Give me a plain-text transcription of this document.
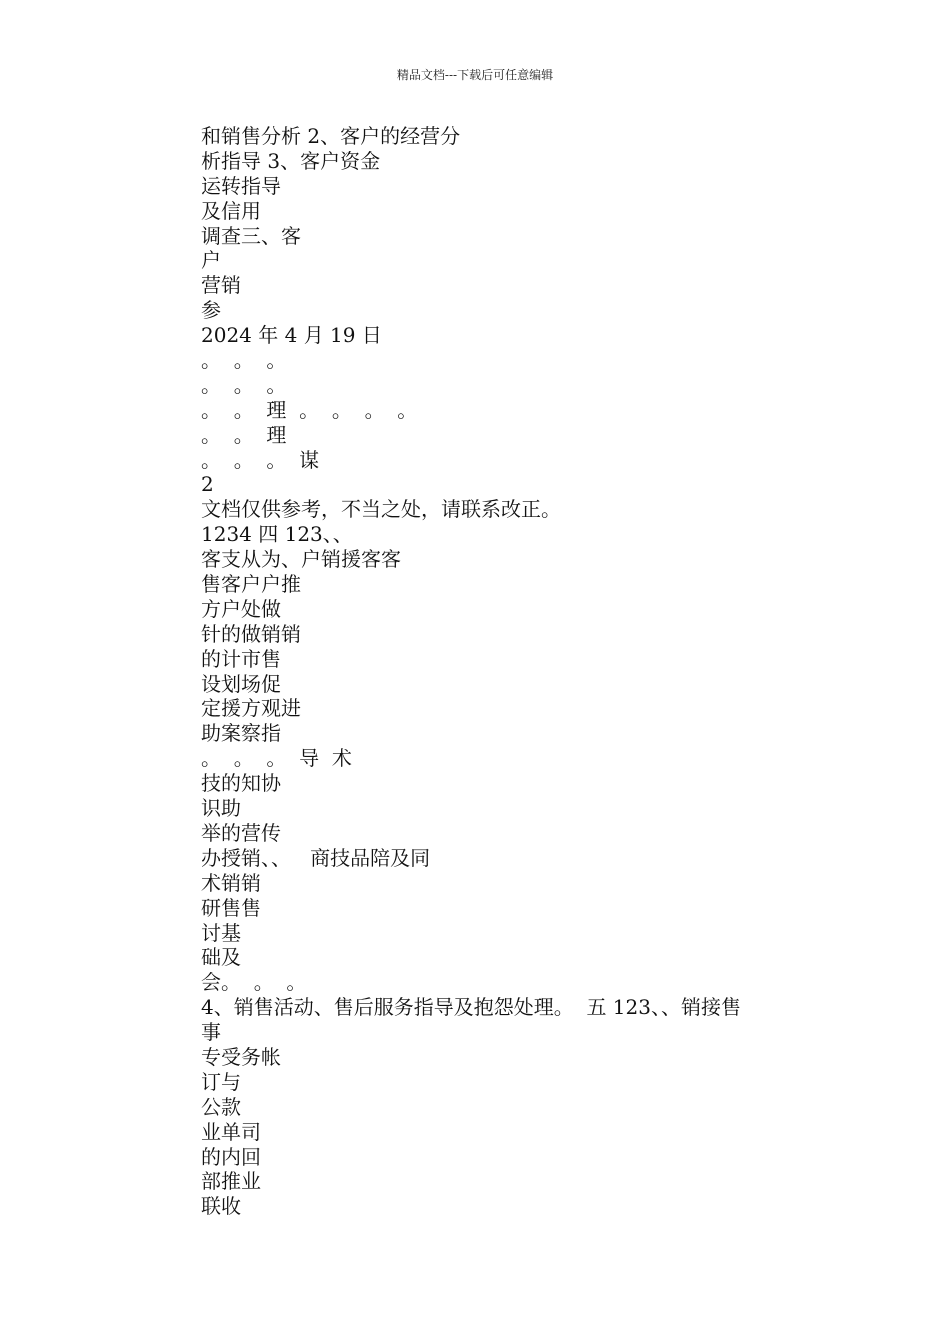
精品文档---下载后可任意编辑
和销售分析 2、客户的经营分
析指导 3、客户资金
运转指导
及信用
调查三、客
户
营销
参
2024 年 4 月 19 日
。  。  。
。  。  。
。  。  理  。  。  。  。
。  。  理
。  。  。  谋
2
文档仅供参考，不当之处，请联系改正。
1234 四 123、、
客支从为、户销援客客
售客户户推
方户处做
针的做销销
的计市售
设划场促
定援方观进
助案察指
。  。  。  导  术
技的知协
识助
举的营传
办授销、、   商技品陪及同
术销销
研售售
讨基
础及
会。  。  。
4、销售活动、售后服务指导及抱怨处理。  五 123、、销接售
事
专受务帐
订与
公款
业单司
的内回
部推业
联收
